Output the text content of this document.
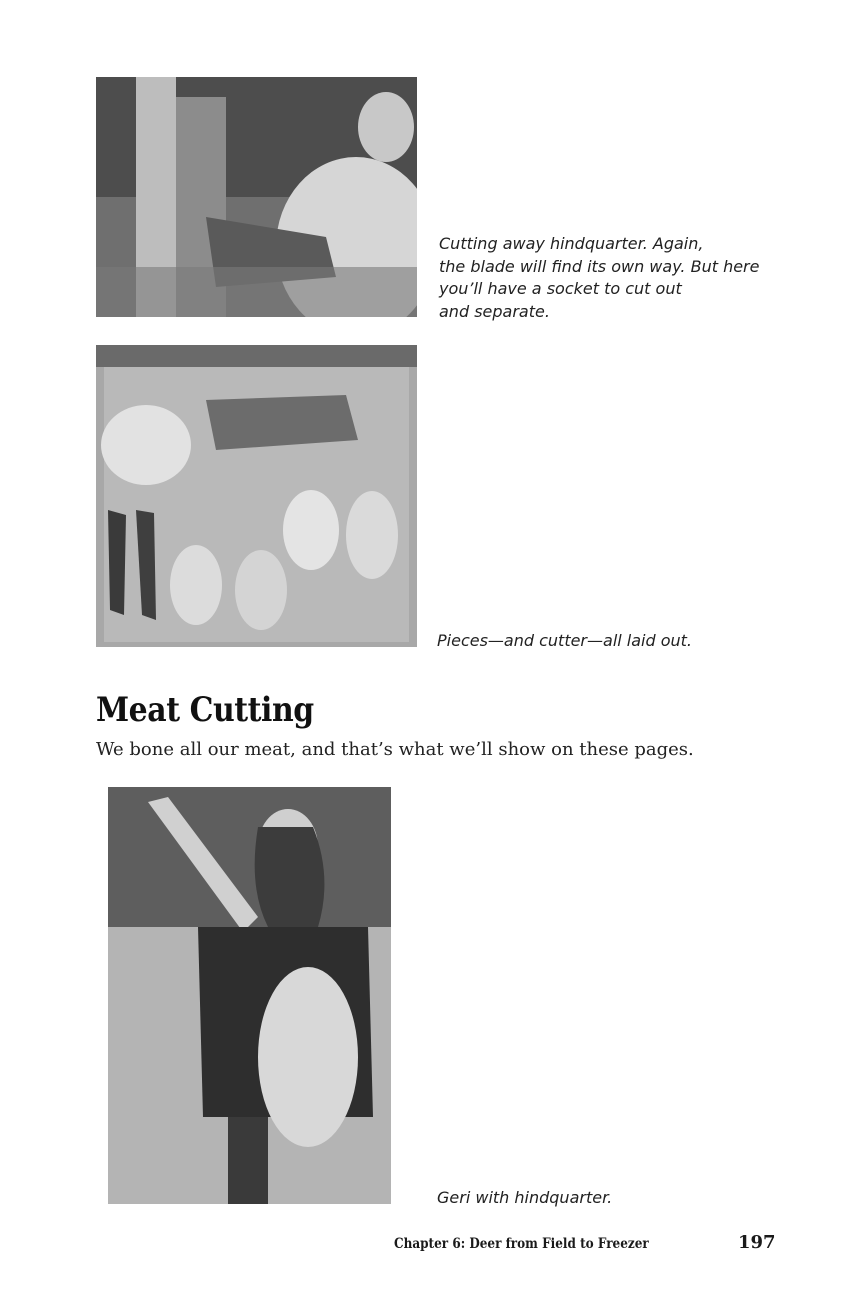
Cutting away hindquarter. Again,
the blade will find its own way. But here
you’ll have a socket to cut out
and separate.
Pieces—and cutter—all laid out.
Meat Cutting

We bone all our meat, and that’s what we’ll show on these pages.

Geri with hindquarter.
Chapter 6: Deer from Field to Freezer	197
